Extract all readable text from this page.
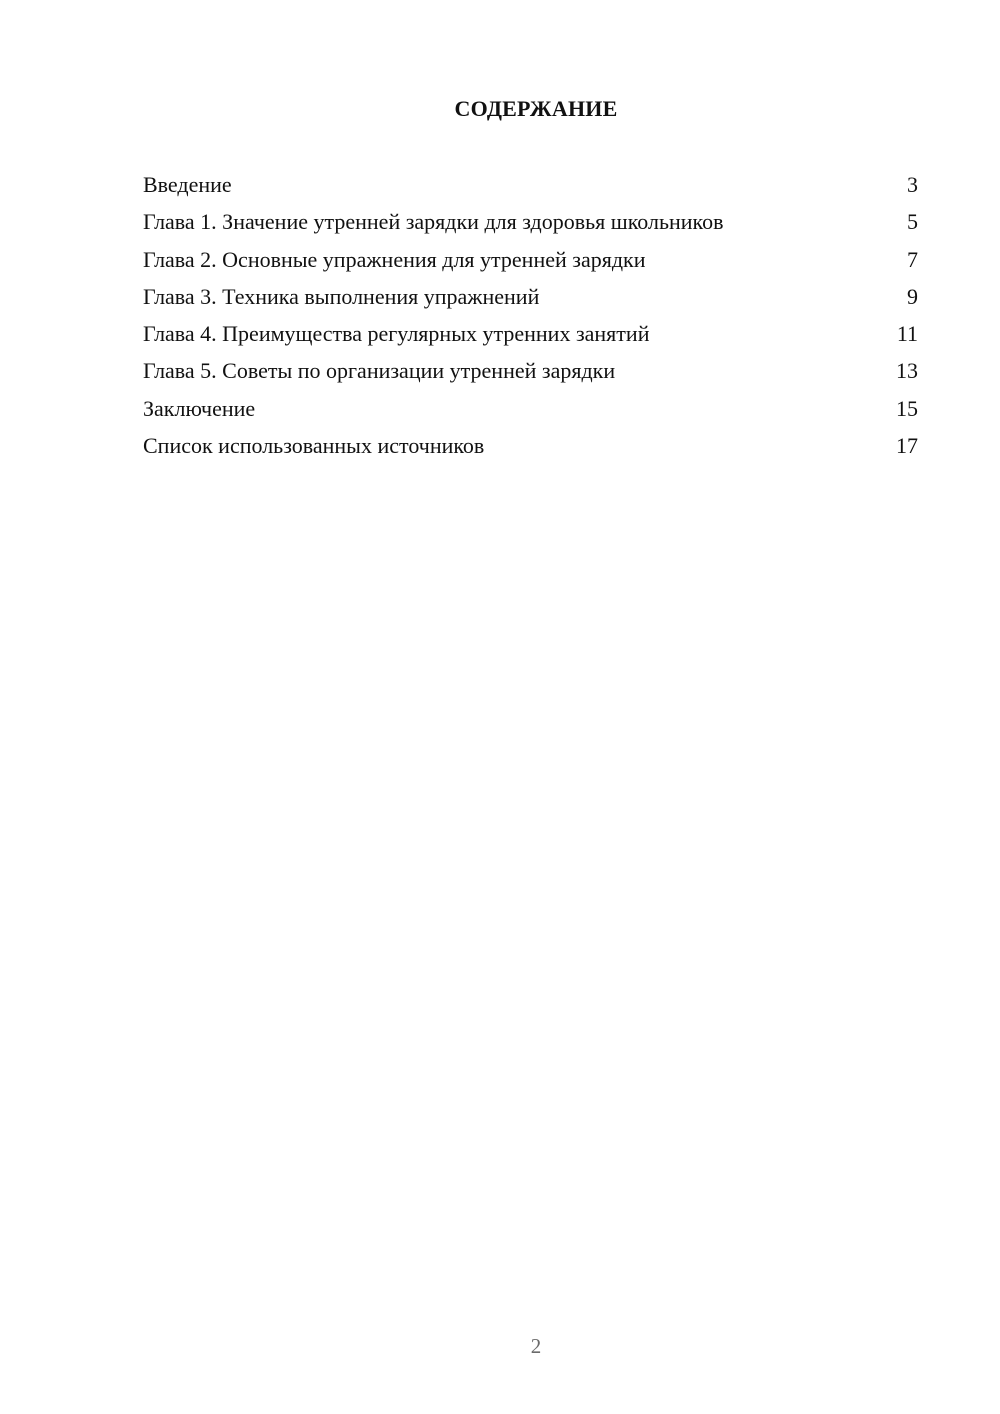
СОДЕРЖАНИЕ
Введение	3
Глава 1. Значение утренней зарядки для здоровья школьников	5
Глава 2. Основные упражнения для утренней зарядки	7
Глава 3. Техника выполнения упражнений	9
Глава 4. Преимущества регулярных утренних занятий	11
Глава 5. Советы по организации утренней зарядки	13
Заключение	15
Список использованных источников	17
2
